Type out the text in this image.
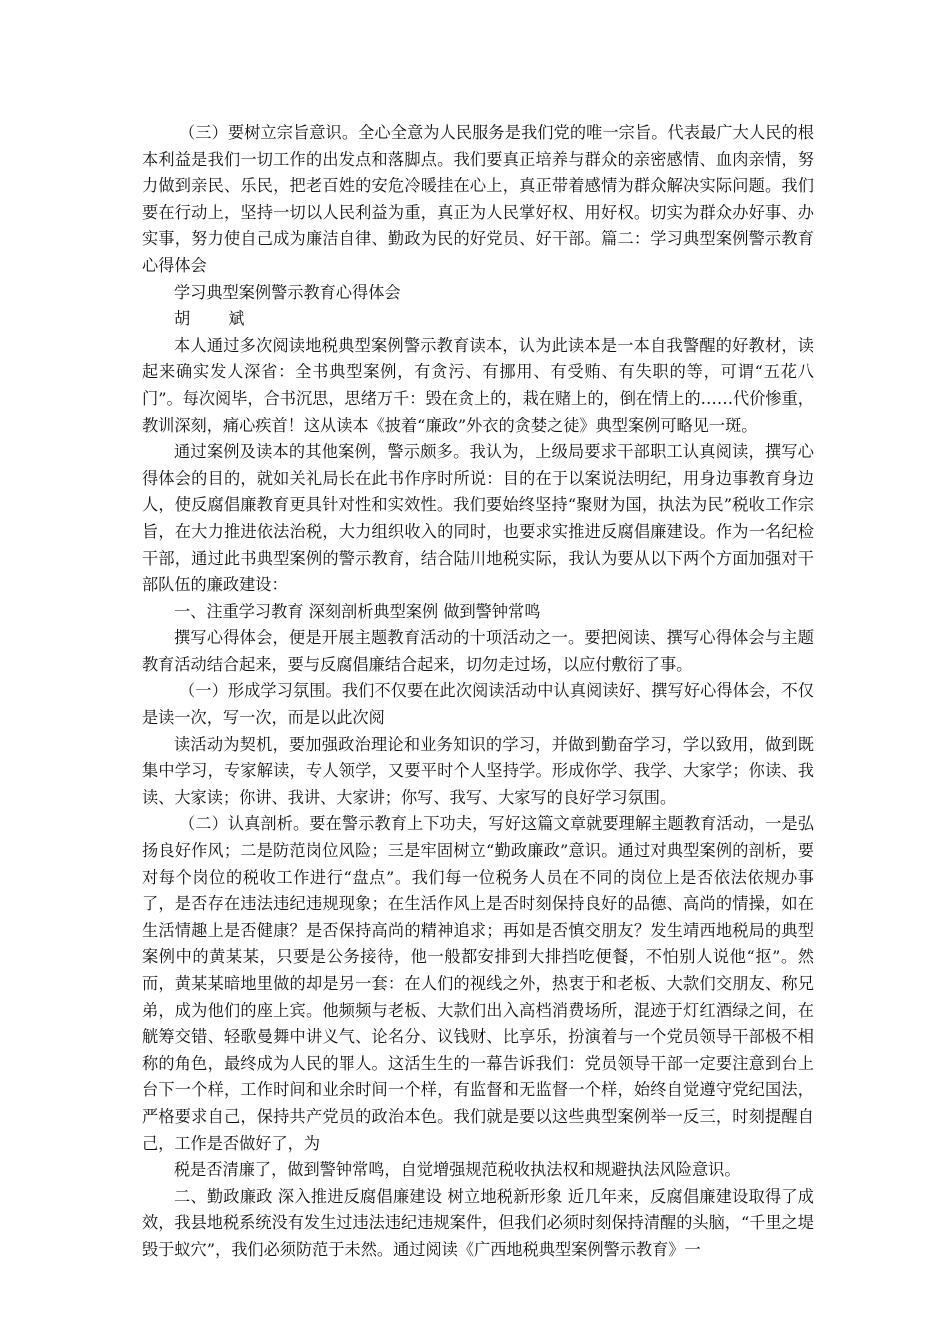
（三）要树立宗旨意识。全心全意为人民服务是我们党的唯一宗旨。代表最广大人民的根本利益是我们一切工作的出发点和落脚点。我们要真正培养与群众的亲密感情、血肉亲情，努力做到亲民、乐民，把老百姓的安危冷暖挂在心上，真正带着感情为群众解决实际问题。我们要在行动上，坚持一切以人民利益为重，真正为人民掌好权、用好权。切实为群众办好事、办实事，努力使自己成为廉洁自律、勤政为民的好党员、好干部。篇二：学习典型案例警示教育心得体会

学习典型案例警示教育心得体会

胡 斌

本人通过多次阅读地税典型案例警示教育读本，认为此读本是一本自我警醒的好教材，读起来确实发人深省：全书典型案例，有贪污、有挪用、有受贿、有失职的等，可谓“五花八门”。每次阅毕，合书沉思，思绪万千：毁在贪上的，栽在赌上的，倒在情上的……代价惨重，教训深刻，痛心疾首！这从读本《披着“廉政”外衣的贪婪之徒》典型案例可略见一斑。

通过案例及读本的其他案例，警示颇多。我认为，上级局要求干部职工认真阅读，撰写心得体会的目的，就如关礼局长在此书作序时所说：目的在于以案说法明纪，用身边事教育身边人，使反腐倡廉教育更具针对性和实效性。我们要始终坚持“聚财为国，执法为民”税收工作宗旨，在大力推进依法治税，大力组织收入的同时，也要求实推进反腐倡廉建设。作为一名纪检干部，通过此书典型案例的警示教育，结合陆川地税实际，我认为要从以下两个方面加强对干部队伍的廉政建设：

一、注重学习教育 深刻剖析典型案例 做到警钟常鸣

撰写心得体会，便是开展主题教育活动的十项活动之一。要把阅读、撰写心得体会与主题教育活动结合起来，要与反腐倡廉结合起来，切勿走过场，以应付敷衍了事。

（一）形成学习氛围。我们不仅要在此次阅读活动中认真阅读好、撰写好心得体会，不仅是读一次，写一次，而是以此次阅

读活动为契机，要加强政治理论和业务知识的学习，并做到勤奋学习，学以致用，做到既集中学习，专家解读，专人领学，又要平时个人坚持学。形成你学、我学、大家学；你读、我读、大家读；你讲、我讲、大家讲；你写、我写、大家写的良好学习氛围。

（二）认真剖析。要在警示教育上下功夫，写好这篇文章就要理解主题教育活动，一是弘扬良好作风；二是防范岗位风险；三是牢固树立“勤政廉政”意识。通过对典型案例的剖析，要对每个岗位的税收工作进行“盘点”。我们每一位税务人员在不同的岗位上是否依法依规办事了，是否存在违法违纪违规现象；在生活作风上是否时刻保持良好的品德、高尚的情操，如在生活情趣上是否健康？是否保持高尚的精神追求；再如是否慎交朋友？发生靖西地税局的典型案例中的黄某某，只要是公务接待，他一般都安排到大排挡吃便餐，不怕别人说他“抠”。然而，黄某某暗地里做的却是另一套：在人们的视线之外，热衷于和老板、大款们交朋友、称兄弟，成为他们的座上宾。他频频与老板、大款们出入高档消费场所，混迹于灯红酒绿之间，在觥筹交错、轻歌曼舞中讲义气、论名分、议钱财、比享乐，扮演着与一个党员领导干部极不相称的角色，最终成为人民的罪人。这活生生的一幕告诉我们：党员领导干部一定要注意到台上台下一个样，工作时间和业余时间一个样，有监督和无监督一个样，始终自觉遵守党纪国法，严格要求自己，保持共产党员的政治本色。我们就是要以这些典型案例举一反三，时刻提醒自己，工作是否做好了，为

税是否清廉了，做到警钟常鸣，自觉增强规范税收执法权和规避执法风险意识。

二、勤政廉政 深入推进反腐倡廉建设 树立地税新形象 近几年来，反腐倡廉建设取得了成效，我县地税系统没有发生过违法违纪违规案件，但我们必须时刻保持清醒的头脑，“千里之堤毁于蚁穴”，我们必须防范于未然。通过阅读《广西地税典型案例警示教育》一
